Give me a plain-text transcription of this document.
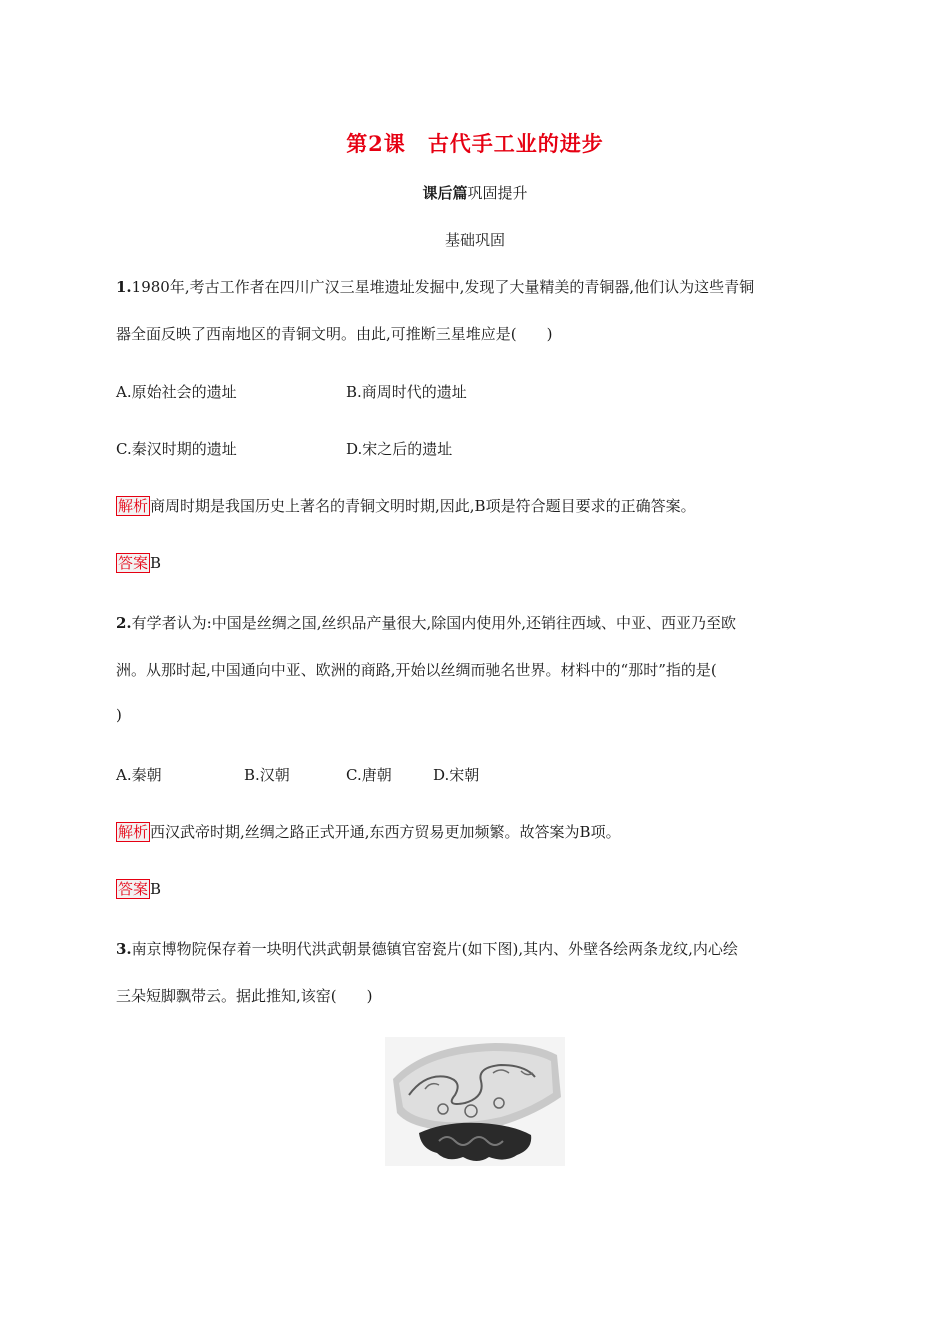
第2课 古代手工业的进步
课后篇巩固提升
基础巩固
1.1980年,考古工作者在四川广汉三星堆遗址发掘中,发现了大量精美的青铜器,他们认为这些青铜
器全面反映了西南地区的青铜文明。由此,可推断三星堆应是(　　)
A.原始社会的遗址	B.商周时代的遗址
C.秦汉时期的遗址	D.宋之后的遗址
解析 商周时期是我国历史上著名的青铜文明时期,因此,B项是符合题目要求的正确答案。
答案 B
2.有学者认为:中国是丝绸之国,丝织品产量很大,除国内使用外,还销往西域、中亚、西亚乃至欧
洲。从那时起,中国通向中亚、欧洲的商路,开始以丝绸而驰名世界。材料中的“那时”指的是(
)
A.秦朝	B.汉朝	C.唐朝	D.宋朝
解析 西汉武帝时期,丝绸之路正式开通,东西方贸易更加频繁。故答案为B项。
答案 B
3.南京博物院保存着一块明代洪武朝景德镇官窑瓷片(如下图),其内、外壁各绘两条龙纹,内心绘
三朵短脚飘带云。据此推知,该窑(　　)
